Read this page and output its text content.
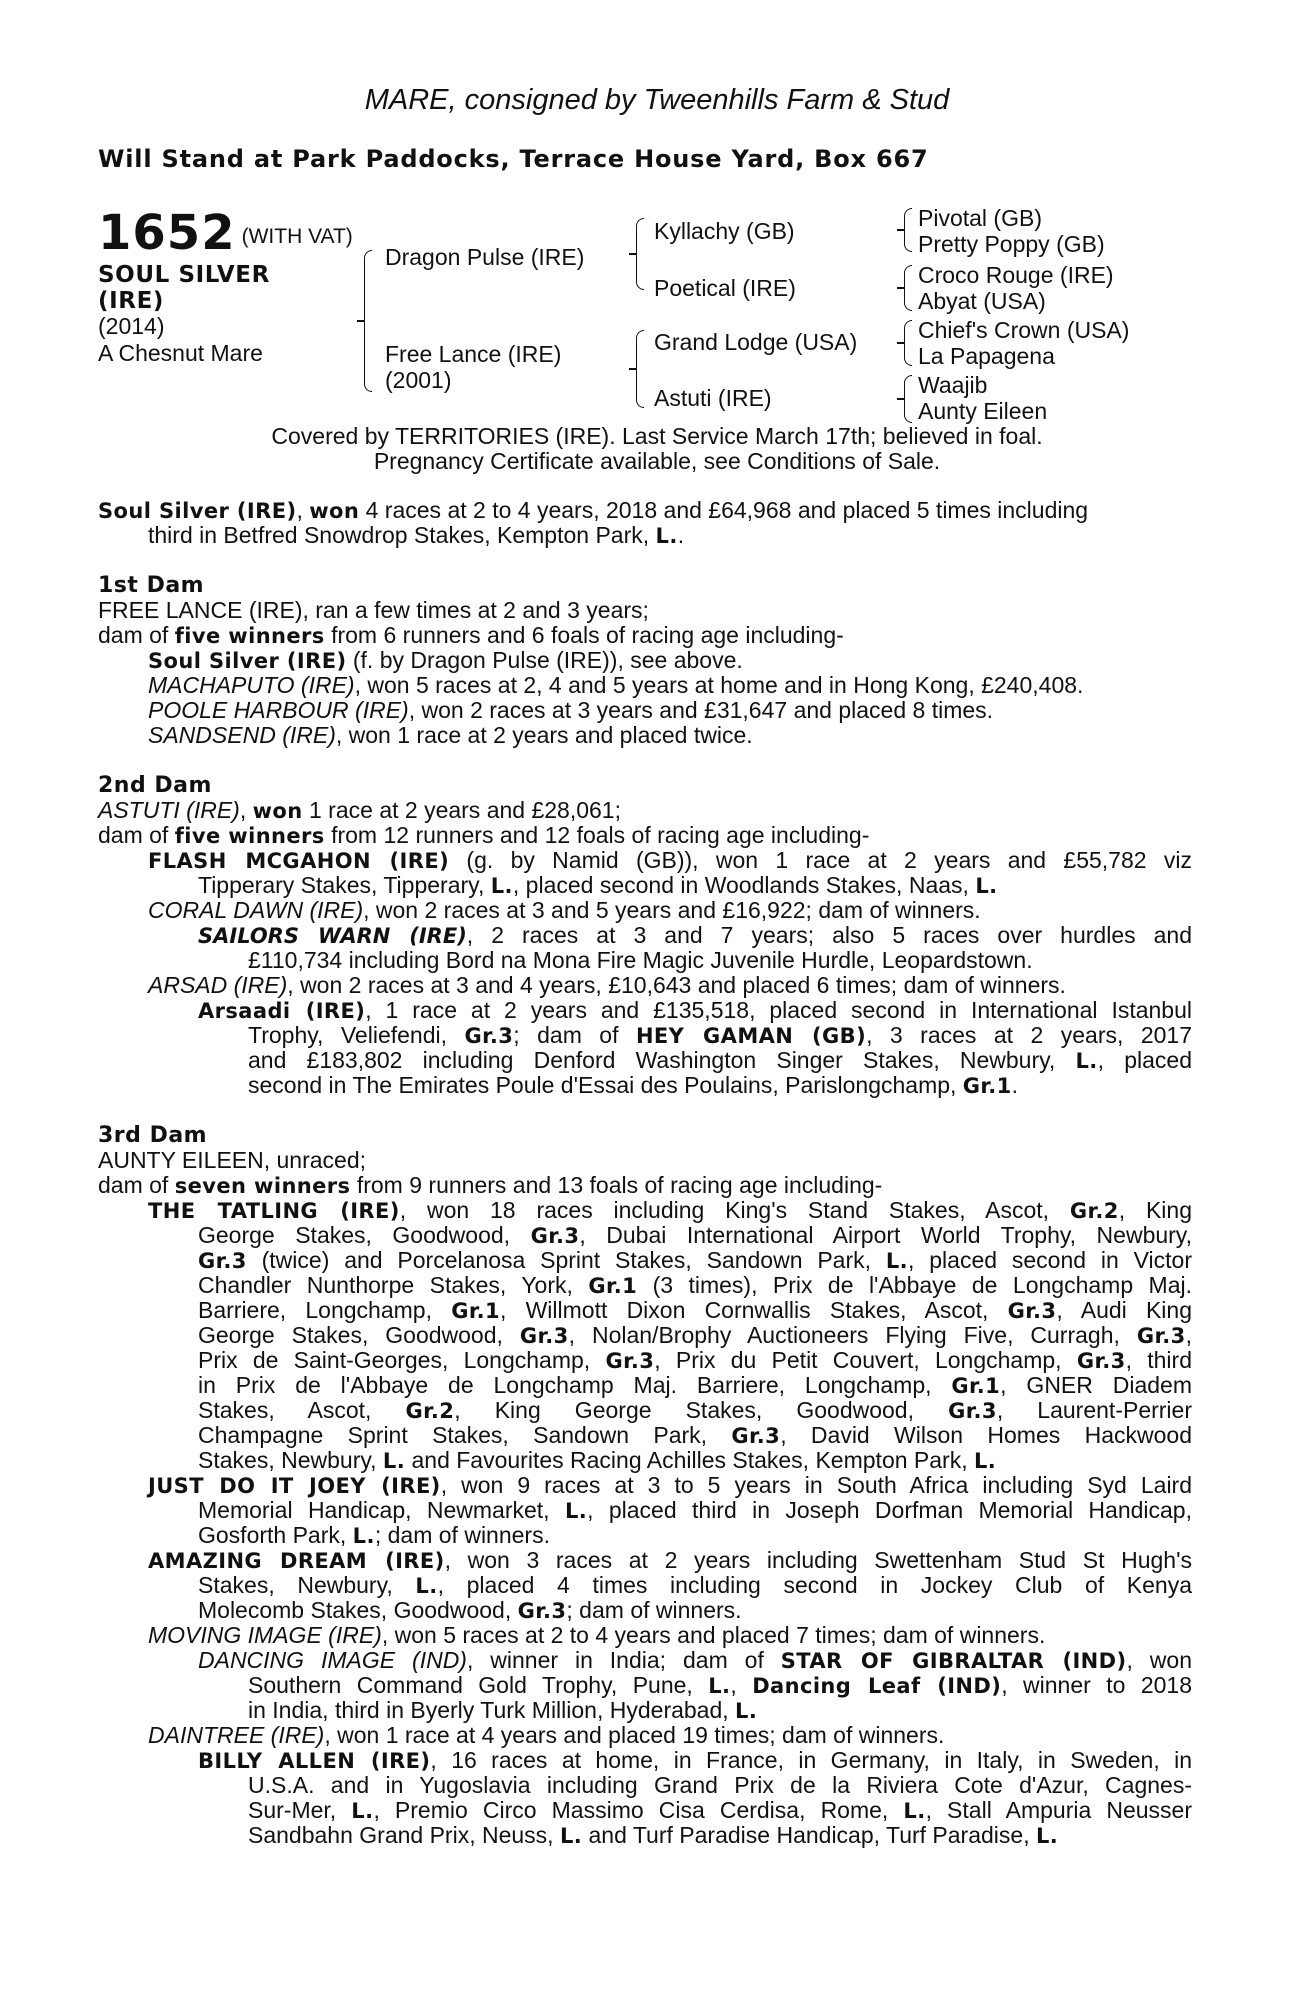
MARE, consigned by Tweenhills Farm & Stud
Will Stand at Park Paddocks, Terrace House Yard, Box 667
1652 (WITH VAT)
SOUL SILVER
(IRE)
(2014)
A Chesnut Mare
Dragon Pulse (IRE)
Free Lance (IRE)
(2001)
Kyllachy (GB)
Poetical (IRE)
Grand Lodge (USA)
Astuti (IRE)
Pivotal (GB)
Pretty Poppy (GB)
Croco Rouge (IRE)
Abyat (USA)
Chief's Crown (USA)
La Papagena
Waajib
Aunty Eileen
Covered by TERRITORIES (IRE). Last Service March 17th; believed in foal.
Pregnancy Certificate available, see Conditions of Sale.
Soul Silver (IRE), won 4 races at 2 to 4 years, 2018 and £64,968 and placed 5 times including
third in Betfred Snowdrop Stakes, Kempton Park, L..
1st Dam
FREE LANCE (IRE), ran a few times at 2 and 3 years;
dam of five winners from 6 runners and 6 foals of racing age including-
Soul Silver (IRE) (f. by Dragon Pulse (IRE)), see above.
MACHAPUTO (IRE), won 5 races at 2, 4 and 5 years at home and in Hong Kong, £240,408.
POOLE HARBOUR (IRE), won 2 races at 3 years and £31,647 and placed 8 times.
SANDSEND (IRE), won 1 race at 2 years and placed twice.
2nd Dam
ASTUTI (IRE), won 1 race at 2 years and £28,061;
dam of five winners from 12 runners and 12 foals of racing age including-
FLASH MCGAHON (IRE) (g. by Namid (GB)), won 1 race at 2 years and £55,782 viz
Tipperary Stakes, Tipperary, L., placed second in Woodlands Stakes, Naas, L.
CORAL DAWN (IRE), won 2 races at 3 and 5 years and £16,922; dam of winners.
SAILORS WARN (IRE), 2 races at 3 and 7 years; also 5 races over hurdles and
£110,734 including Bord na Mona Fire Magic Juvenile Hurdle, Leopardstown.
ARSAD (IRE), won 2 races at 3 and 4 years, £10,643 and placed 6 times; dam of winners.
Arsaadi (IRE), 1 race at 2 years and £135,518, placed second in International Istanbul
Trophy, Veliefendi, Gr.3; dam of HEY GAMAN (GB), 3 races at 2 years, 2017
and £183,802 including Denford Washington Singer Stakes, Newbury, L., placed
second in The Emirates Poule d'Essai des Poulains, Parislongchamp, Gr.1.
3rd Dam
AUNTY EILEEN, unraced;
dam of seven winners from 9 runners and 13 foals of racing age including-
THE TATLING (IRE), won 18 races including King's Stand Stakes, Ascot, Gr.2, King
George Stakes, Goodwood, Gr.3, Dubai International Airport World Trophy, Newbury,
Gr.3 (twice) and Porcelanosa Sprint Stakes, Sandown Park, L., placed second in Victor
Chandler Nunthorpe Stakes, York, Gr.1 (3 times), Prix de l'Abbaye de Longchamp Maj.
Barriere, Longchamp, Gr.1, Willmott Dixon Cornwallis Stakes, Ascot, Gr.3, Audi King
George Stakes, Goodwood, Gr.3, Nolan/Brophy Auctioneers Flying Five, Curragh, Gr.3,
Prix de Saint-Georges, Longchamp, Gr.3, Prix du Petit Couvert, Longchamp, Gr.3, third
in Prix de l'Abbaye de Longchamp Maj. Barriere, Longchamp, Gr.1, GNER Diadem
Stakes, Ascot, Gr.2, King George Stakes, Goodwood, Gr.3, Laurent-Perrier
Champagne Sprint Stakes, Sandown Park, Gr.3, David Wilson Homes Hackwood
Stakes, Newbury, L. and Favourites Racing Achilles Stakes, Kempton Park, L.
JUST DO IT JOEY (IRE), won 9 races at 3 to 5 years in South Africa including Syd Laird
Memorial Handicap, Newmarket, L., placed third in Joseph Dorfman Memorial Handicap,
Gosforth Park, L.; dam of winners.
AMAZING DREAM (IRE), won 3 races at 2 years including Swettenham Stud St Hugh's
Stakes, Newbury, L., placed 4 times including second in Jockey Club of Kenya
Molecomb Stakes, Goodwood, Gr.3; dam of winners.
MOVING IMAGE (IRE), won 5 races at 2 to 4 years and placed 7 times; dam of winners.
DANCING IMAGE (IND), winner in India; dam of STAR OF GIBRALTAR (IND), won
Southern Command Gold Trophy, Pune, L., Dancing Leaf (IND), winner to 2018
in India, third in Byerly Turk Million, Hyderabad, L.
DAINTREE (IRE), won 1 race at 4 years and placed 19 times; dam of winners.
BILLY ALLEN (IRE), 16 races at home, in France, in Germany, in Italy, in Sweden, in
U.S.A. and in Yugoslavia including Grand Prix de la Riviera Cote d'Azur, Cagnes-
Sur-Mer, L., Premio Circo Massimo Cisa Cerdisa, Rome, L., Stall Ampuria Neusser
Sandbahn Grand Prix, Neuss, L. and Turf Paradise Handicap, Turf Paradise, L.
